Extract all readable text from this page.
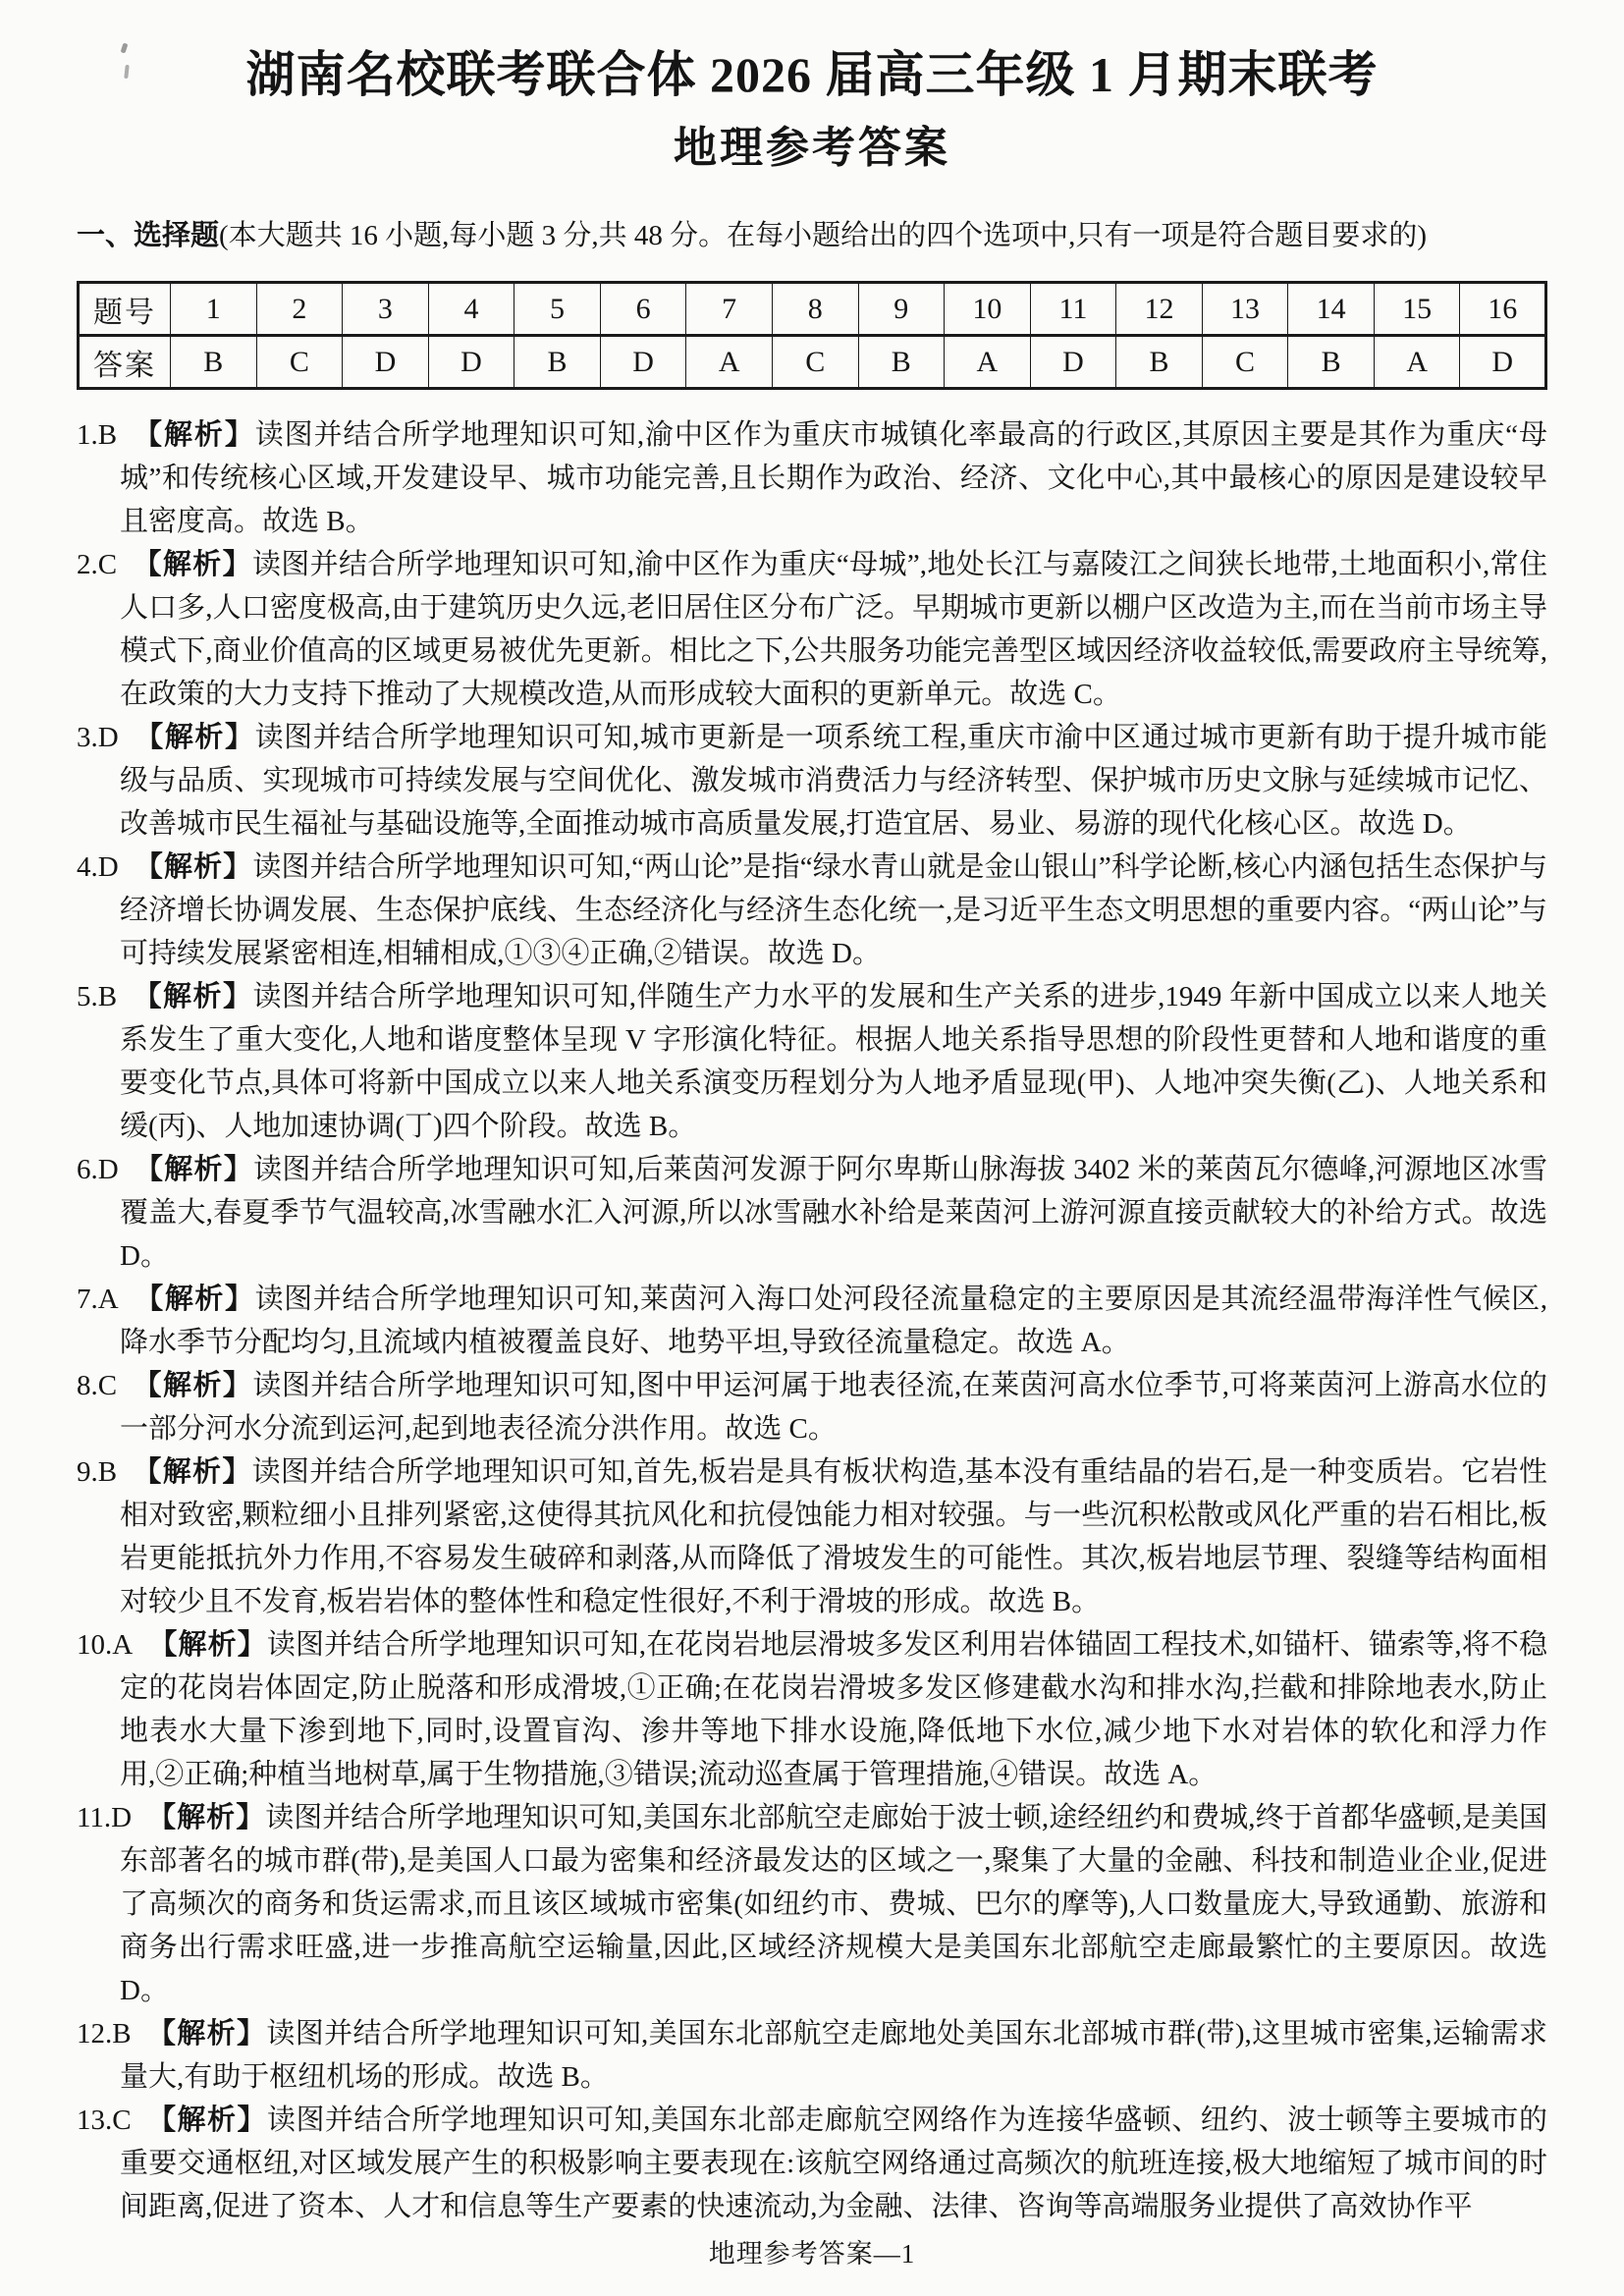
湖南名校联考联合体 2026 届高三年级 1 月期末联考
地理参考答案

一、选择题(本大题共 16 小题,每小题 3 分,共 48 分。在每小题给出的四个选项中,只有一项是符合题目要求的)

题号	1	2	3	4	5	6	7	8	9	10	11	12	13	14	15	16
答案	B	C	D	D	B	D	A	C	B	A	D	B	C	B	A	D

1.B 【解析】读图并结合所学地理知识可知,渝中区作为重庆市城镇化率最高的行政区,其原因主要是其作为重庆“母城”和传统核心区域,开发建设早、城市功能完善,且长期作为政治、经济、文化中心,其中最核心的原因是建设较早且密度高。故选 B。

2.C 【解析】读图并结合所学地理知识可知,渝中区作为重庆“母城”,地处长江与嘉陵江之间狭长地带,土地面积小,常住人口多,人口密度极高,由于建筑历史久远,老旧居住区分布广泛。早期城市更新以棚户区改造为主,而在当前市场主导模式下,商业价值高的区域更易被优先更新。相比之下,公共服务功能完善型区域因经济收益较低,需要政府主导统筹,在政策的大力支持下推动了大规模改造,从而形成较大面积的更新单元。故选 C。

3.D 【解析】读图并结合所学地理知识可知,城市更新是一项系统工程,重庆市渝中区通过城市更新有助于提升城市能级与品质、实现城市可持续发展与空间优化、激发城市消费活力与经济转型、保护城市历史文脉与延续城市记忆、改善城市民生福祉与基础设施等,全面推动城市高质量发展,打造宜居、易业、易游的现代化核心区。故选 D。

4.D 【解析】读图并结合所学地理知识可知,“两山论”是指“绿水青山就是金山银山”科学论断,核心内涵包括生态保护与经济增长协调发展、生态保护底线、生态经济化与经济生态化统一,是习近平生态文明思想的重要内容。“两山论”与可持续发展紧密相连,相辅相成,①③④正确,②错误。故选 D。

5.B 【解析】读图并结合所学地理知识可知,伴随生产力水平的发展和生产关系的进步,1949 年新中国成立以来人地关系发生了重大变化,人地和谐度整体呈现 V 字形演化特征。根据人地关系指导思想的阶段性更替和人地和谐度的重要变化节点,具体可将新中国成立以来人地关系演变历程划分为人地矛盾显现(甲)、人地冲突失衡(乙)、人地关系和缓(丙)、人地加速协调(丁)四个阶段。故选 B。

6.D 【解析】读图并结合所学地理知识可知,后莱茵河发源于阿尔卑斯山脉海拔 3402 米的莱茵瓦尔德峰,河源地区冰雪覆盖大,春夏季节气温较高,冰雪融水汇入河源,所以冰雪融水补给是莱茵河上游河源直接贡献较大的补给方式。故选 D。

7.A 【解析】读图并结合所学地理知识可知,莱茵河入海口处河段径流量稳定的主要原因是其流经温带海洋性气候区,降水季节分配均匀,且流域内植被覆盖良好、地势平坦,导致径流量稳定。故选 A。

8.C 【解析】读图并结合所学地理知识可知,图中甲运河属于地表径流,在莱茵河高水位季节,可将莱茵河上游高水位的一部分河水分流到运河,起到地表径流分洪作用。故选 C。

9.B 【解析】读图并结合所学地理知识可知,首先,板岩是具有板状构造,基本没有重结晶的岩石,是一种变质岩。它岩性相对致密,颗粒细小且排列紧密,这使得其抗风化和抗侵蚀能力相对较强。与一些沉积松散或风化严重的岩石相比,板岩更能抵抗外力作用,不容易发生破碎和剥落,从而降低了滑坡发生的可能性。其次,板岩地层节理、裂缝等结构面相对较少且不发育,板岩岩体的整体性和稳定性很好,不利于滑坡的形成。故选 B。

10.A 【解析】读图并结合所学地理知识可知,在花岗岩地层滑坡多发区利用岩体锚固工程技术,如锚杆、锚索等,将不稳定的花岗岩体固定,防止脱落和形成滑坡,①正确;在花岗岩滑坡多发区修建截水沟和排水沟,拦截和排除地表水,防止地表水大量下渗到地下,同时,设置盲沟、渗井等地下排水设施,降低地下水位,减少地下水对岩体的软化和浮力作用,②正确;种植当地树草,属于生物措施,③错误;流动巡查属于管理措施,④错误。故选 A。

11.D 【解析】读图并结合所学地理知识可知,美国东北部航空走廊始于波士顿,途经纽约和费城,终于首都华盛顿,是美国东部著名的城市群(带),是美国人口最为密集和经济最发达的区域之一,聚集了大量的金融、科技和制造业企业,促进了高频次的商务和货运需求,而且该区域城市密集(如纽约市、费城、巴尔的摩等),人口数量庞大,导致通勤、旅游和商务出行需求旺盛,进一步推高航空运输量,因此,区域经济规模大是美国东北部航空走廊最繁忙的主要原因。故选 D。

12.B 【解析】读图并结合所学地理知识可知,美国东北部航空走廊地处美国东北部城市群(带),这里城市密集,运输需求量大,有助于枢纽机场的形成。故选 B。

13.C 【解析】读图并结合所学地理知识可知,美国东北部走廊航空网络作为连接华盛顿、纽约、波士顿等主要城市的重要交通枢纽,对区域发展产生的积极影响主要表现在:该航空网络通过高频次的航班连接,极大地缩短了城市间的时间距离,促进了资本、人才和信息等生产要素的快速流动,为金融、法律、咨询等高端服务业提供了高效协作平

地理参考答案—1
